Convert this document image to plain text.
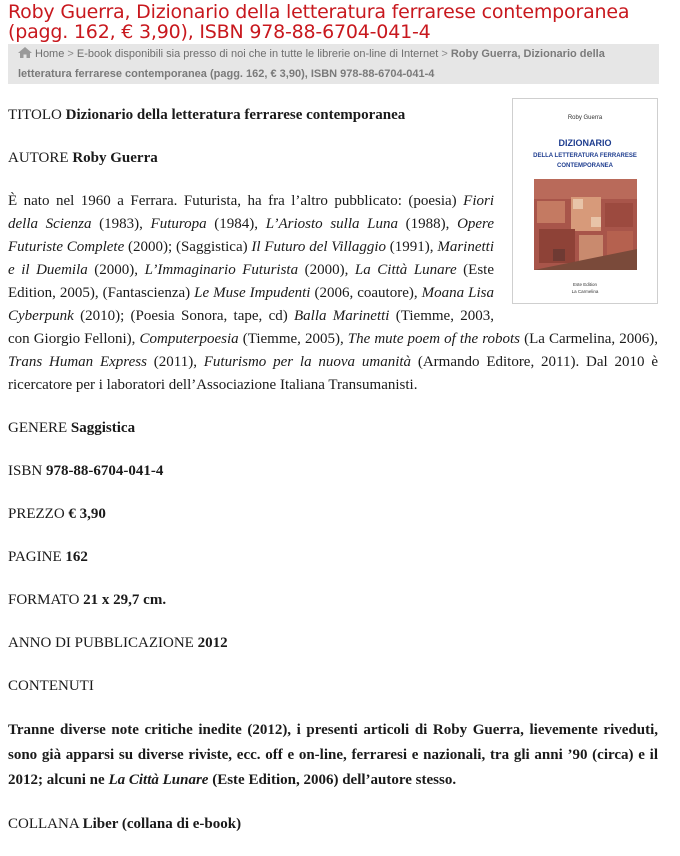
Roby Guerra, Dizionario della letteratura ferrarese contemporanea (pagg. 162, € 3,90), ISBN 978-88-6704-041-4
Home > E-book disponibili sia presso di noi che in tutte le librerie on-line di Internet > Roby Guerra, Dizionario della letteratura ferrarese contemporanea (pagg. 162, € 3,90), ISBN 978-88-6704-041-4
Roby Guerra
DIZIONARIO
DELLA LETTERATURA FERRARESE
CONTEMPORANEA
Este Edition
La Carmelina

TITOLO Dizionario della letteratura ferrarese contemporanea

AUTORE Roby Guerra

È nato nel 1960 a Ferrara. Futurista, ha fra l’altro pubblicato: (poesia) Fiori della Scienza (1983), Futuropa (1984), L’Ariosto sulla Luna (1988), Opere Futuriste Complete (2000); (Saggistica) Il Futuro del Villaggio (1991), Marinetti e il Duemila (2000), L’Immaginario Futurista (2000), La Città Lunare (Este Edition, 2005), (Fantascienza) Le Muse Impudenti (2006, coautore), Moana Lisa Cyberpunk (2010); (Poesia Sonora, tape, cd) Balla Marinetti (Tiemme, 2003, con Giorgio Felloni), Computerpoesia (Tiemme, 2005), The mute poem of the robots (La Carmelina, 2006), Trans Human Express (2011), Futurismo per la nuova umanità (Armando Editore, 2011). Dal 2010 è ricercatore per i laboratori dell’Associazione Italiana Transumanisti.

GENERE Saggistica

ISBN 978-88-6704-041-4

PREZZO € 3,90

PAGINE 162

FORMATO 21 x 29,7 cm.

ANNO DI PUBBLICAZIONE 2012

CONTENUTI

Tranne diverse note critiche inedite (2012), i presenti articoli di Roby Guerra, lievemente riveduti, sono già apparsi su diverse riviste, ecc. off e on-line, ferraresi e nazionali, tra gli anni ’90 (circa) e il 2012; alcuni ne La Città Lunare (Este Edition, 2006) dell’autore stesso.

COLLANA Liber (collana di e-book)
